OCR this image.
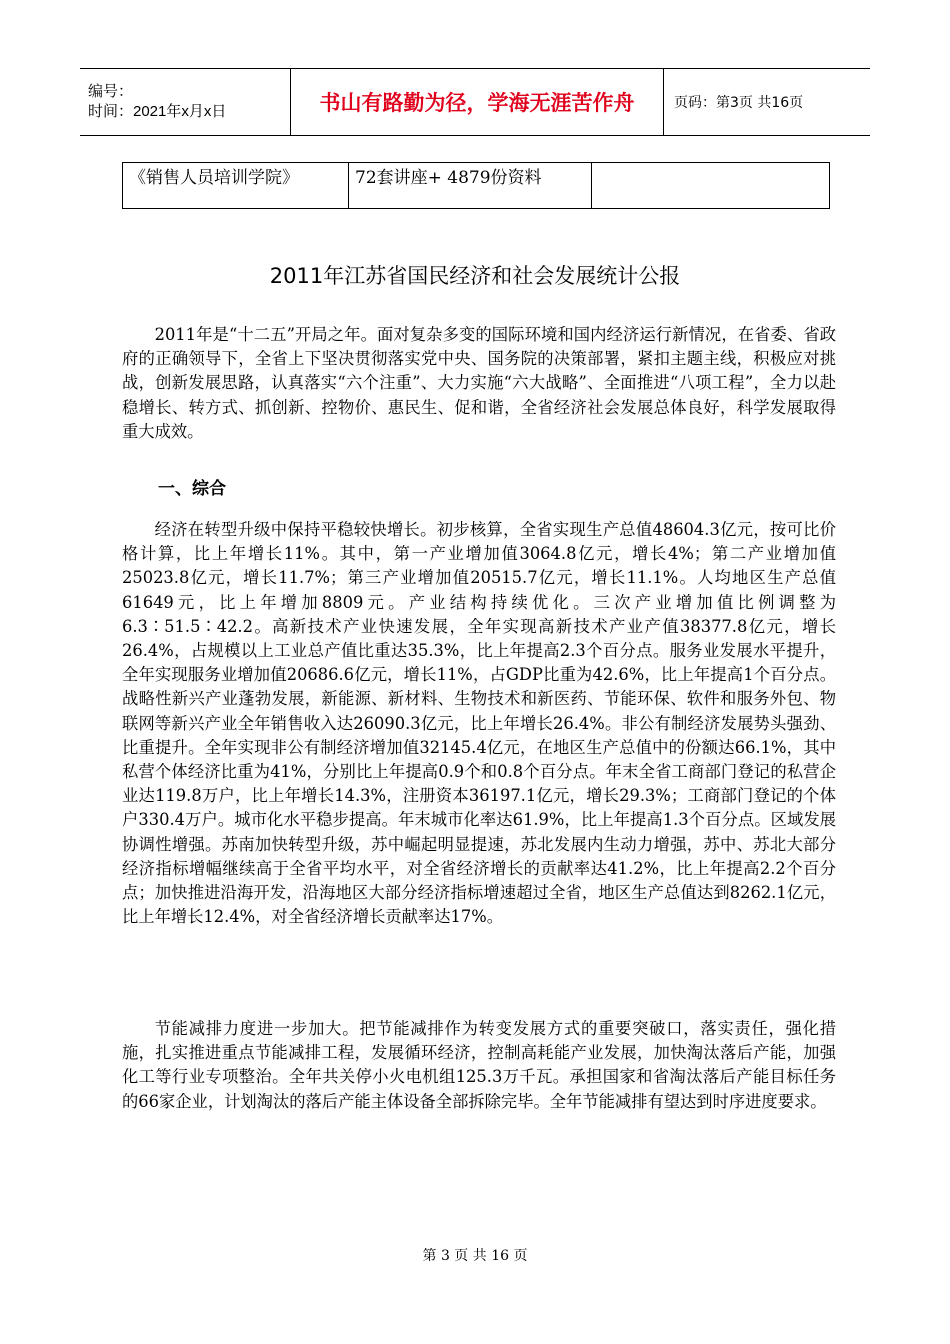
编号：
时间：2021年x月x日	书山有路勤为径，学海无涯苦作舟	页码：第3页 共16页
《销售人员培训学院》	72套讲座+ 4879份资料	
2011年江苏省国民经济和社会发展统计公报

2011年是“十二五”开局之年。面对复杂多变的国际环境和国内经济运行新情况，在省委、省政府的正确领导下，全省上下坚决贯彻落实党中央、国务院的决策部署，紧扣主题主线，积极应对挑战，创新发展思路，认真落实“六个注重”、大力实施“六大战略”、全面推进“八项工程”，全力以赴稳增长、转方式、抓创新、控物价、惠民生、促和谐，全省经济社会发展总体良好，科学发展取得重大成效。

一、综合

经济在转型升级中保持平稳较快增长。初步核算，全省实现生产总值48604.3亿元，按可比价格计算，比上年增长11%。其中，第一产业增加值3064.8亿元，增长4%；第二产业增加值25023.8亿元，增长11.7%；第三产业增加值20515.7亿元，增长11.1%。人均地区生产总值61649元，比上年增加8809元。产业结构持续优化。三次产业增加值比例调整为6.3∶51.5∶42.2。高新技术产业快速发展，全年实现高新技术产业产值38377.8亿元，增长26.4%，占规模以上工业总产值比重达35.3%，比上年提高2.3个百分点。服务业发展水平提升，全年实现服务业增加值20686.6亿元，增长11%，占GDP比重为42.6%，比上年提高1个百分点。战略性新兴产业蓬勃发展，新能源、新材料、生物技术和新医药、节能环保、软件和服务外包、物联网等新兴产业全年销售收入达26090.3亿元，比上年增长26.4%。非公有制经济发展势头强劲、比重提升。全年实现非公有制经济增加值32145.4亿元，在地区生产总值中的份额达66.1%，其中私营个体经济比重为41%，分别比上年提高0.9个和0.8个百分点。年末全省工商部门登记的私营企业达119.8万户，比上年增长14.3%，注册资本36197.1亿元，增长29.3%；工商部门登记的个体户330.4万户。城市化水平稳步提高。年末城市化率达61.9%，比上年提高1.3个百分点。区域发展协调性增强。苏南加快转型升级，苏中崛起明显提速，苏北发展内生动力增强，苏中、苏北大部分经济指标增幅继续高于全省平均水平，对全省经济增长的贡献率达41.2%，比上年提高2.2个百分点；加快推进沿海开发，沿海地区大部分经济指标增速超过全省，地区生产总值达到8262.1亿元，比上年增长12.4%，对全省经济增长贡献率达17%。

节能减排力度进一步加大。把节能减排作为转变发展方式的重要突破口，落实责任，强化措施，扎实推进重点节能减排工程，发展循环经济，控制高耗能产业发展，加快淘汰落后产能，加强化工等行业专项整治。全年共关停小火电机组125.3万千瓦。承担国家和省淘汰落后产能目标任务的66家企业，计划淘汰的落后产能主体设备全部拆除完毕。全年节能减排有望达到时序进度要求。

第 3 页 共 16 页
